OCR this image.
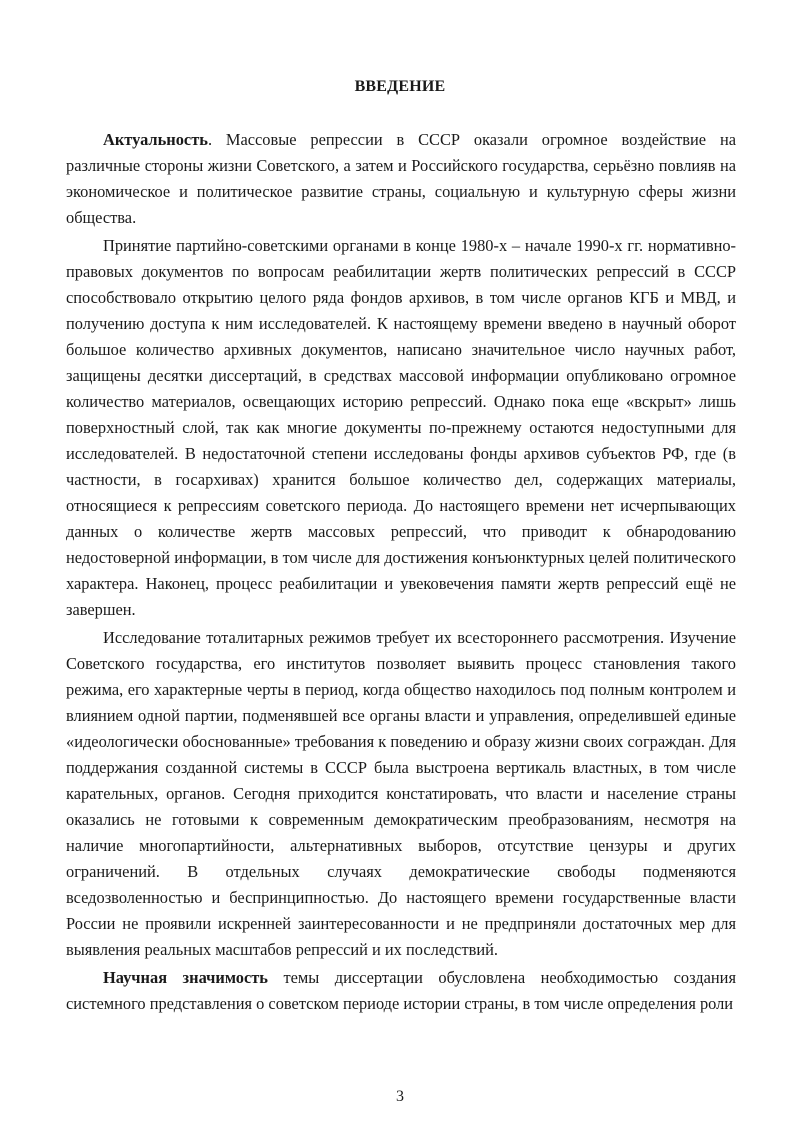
ВВЕДЕНИЕ

Актуальность. Массовые репрессии в СССР оказали огромное воздействие на различные стороны жизни Советского, а затем и Российского государства, серьёзно повлияв на экономическое и политическое развитие страны, социальную и культурную сферы жизни общества.

Принятие партийно-советскими органами в конце 1980-х – начале 1990-х гг. нормативно-правовых документов по вопросам реабилитации жертв политических репрессий в СССР способствовало открытию целого ряда фондов архивов, в том числе органов КГБ и МВД, и получению доступа к ним исследователей. К настоящему времени введено в научный оборот большое количество архивных документов, написано значительное число научных работ, защищены десятки диссертаций, в средствах массовой информации опубликовано огромное количество материалов, освещающих историю репрессий. Однако пока еще «вскрыт» лишь поверхностный слой, так как многие документы по-прежнему остаются недоступными для исследователей. В недостаточной степени исследованы фонды архивов субъектов РФ, где (в частности, в госархивах) хранится большое количество дел, содержащих материалы, относящиеся к репрессиям советского периода. До настоящего времени нет исчерпывающих данных о количестве жертв массовых репрессий, что приводит к обнародованию недостоверной информации, в том числе для достижения конъюнктурных целей политического характера. Наконец, процесс реабилитации и увековечения памяти жертв репрессий ещё не завершен.

Исследование тоталитарных режимов требует их всестороннего рассмотрения. Изучение Советского государства, его институтов позволяет выявить процесс становления такого режима, его характерные черты в период, когда общество находилось под полным контролем и влиянием одной партии, подменявшей все органы власти и управления, определившей единые «идеологически обоснованные» требования к поведению и образу жизни своих сограждан. Для поддержания созданной системы в СССР была выстроена вертикаль властных, в том числе карательных, органов. Сегодня приходится констатировать, что власти и население страны оказались не готовыми к современным демократическим преобразованиям, несмотря на наличие многопартийности, альтернативных выборов, отсутствие цензуры и других ограничений. В отдельных случаях демократические свободы подменяются вседозволенностью и беспринципностью. До настоящего времени государственные власти России не проявили искренней заинтересованности и не предприняли достаточных мер для выявления реальных масштабов репрессий и их последствий.

Научная значимость темы диссертации обусловлена необходимостью создания системного представления о советском периоде истории страны, в том числе определения роли

3
